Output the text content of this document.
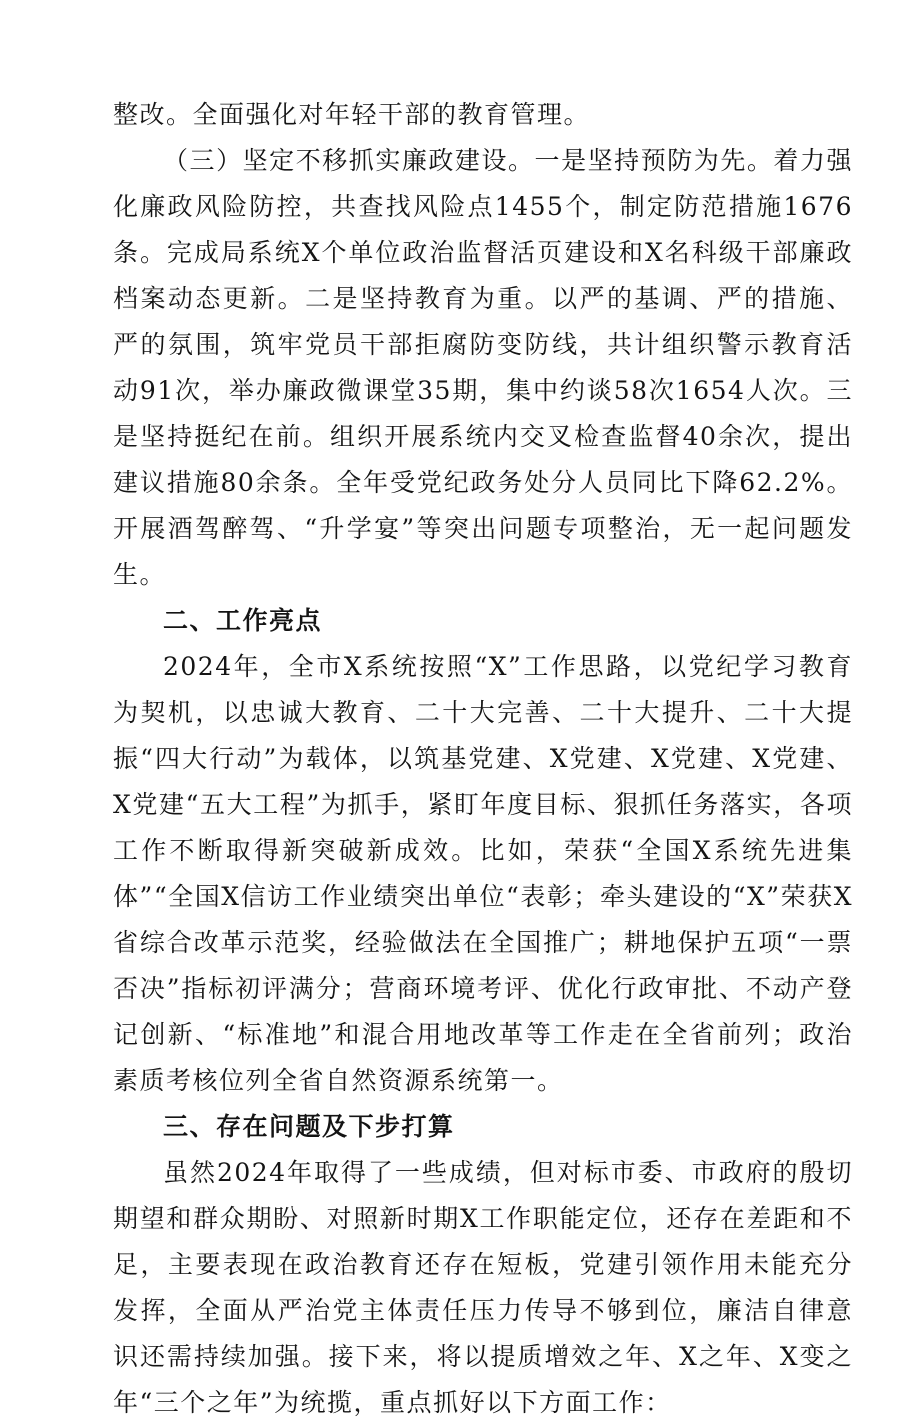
整改。全面强化对年轻干部的教育管理。

（三）坚定不移抓实廉政建设。一是坚持预防为先。着力强化廉政风险防控，共查找风险点1455个，制定防范措施1676条。完成局系统X个单位政治监督活页建设和X名科级干部廉政档案动态更新。二是坚持教育为重。以严的基调、严的措施、严的氛围，筑牢党员干部拒腐防变防线，共计组织警示教育活动91次，举办廉政微课堂35期，集中约谈58次1654人次。三是坚持挺纪在前。组织开展系统内交叉检查监督40余次，提出建议措施80余条。全年受党纪政务处分人员同比下降62.2%。开展酒驾醉驾、“升学宴”等突出问题专项整治，无一起问题发生。

二、工作亮点

2024年，全市X系统按照“X”工作思路，以党纪学习教育为契机，以忠诚大教育、二十大完善、二十大提升、二十大提振“四大行动”为载体，以筑基党建、X党建、X党建、X党建、X党建“五大工程”为抓手，紧盯年度目标、狠抓任务落实，各项工作不断取得新突破新成效。比如，荣获“全国X系统先进集体”“全国X信访工作业绩突出单位“表彰；牵头建设的“X”荣获X省综合改革示范奖，经验做法在全国推广；耕地保护五项“一票否决”指标初评满分；营商环境考评、优化行政审批、不动产登记创新、“标准地”和混合用地改革等工作走在全省前列；政治素质考核位列全省自然资源系统第一。

三、存在问题及下步打算

虽然2024年取得了一些成绩，但对标市委、市政府的殷切期望和群众期盼、对照新时期X工作职能定位，还存在差距和不足，主要表现在政治教育还存在短板，党建引领作用未能充分发挥，全面从严治党主体责任压力传导不够到位，廉洁自律意识还需持续加强。接下来，将以提质增效之年、X之年、X变之年“三个之年”为统揽，重点抓好以下方面工作：
